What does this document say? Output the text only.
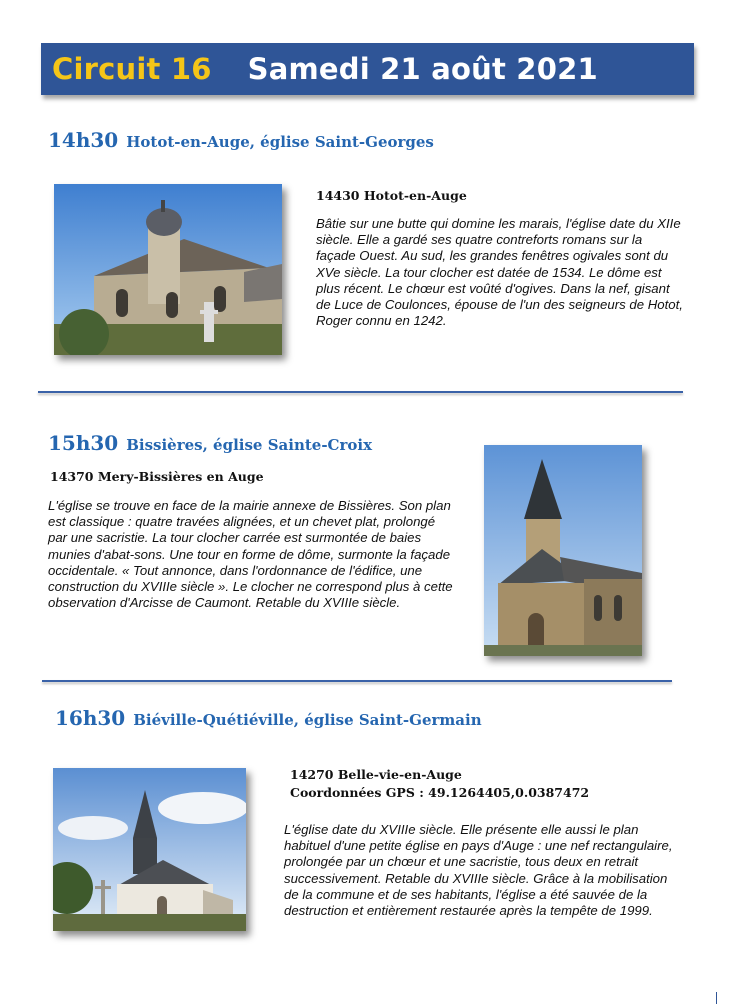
Circuit 16 Samedi 21 août 2021
14h30 Hotot-en-Auge, église Saint-Georges
14430 Hotot-en-Auge
Bâtie sur une butte qui domine les marais, l'église date du XIIe siècle. Elle a gardé ses quatre contreforts romans sur la façade Ouest. Au sud, les grandes fenêtres ogivales sont du XVe siècle. La tour clocher est datée de 1534. Le dôme est plus récent. Le chœur est voûté d'ogives. Dans la nef, gisant de Luce de Coulonces, épouse de l'un des seigneurs de Hotot, Roger connu en 1242.
15h30 Bissières, église Sainte-Croix
14370 Mery-Bissières en Auge
L'église se trouve en face de la mairie annexe de Bissières. Son plan est classique : quatre travées alignées, et un chevet plat, prolongé par une sacristie. La tour clocher carrée est surmontée de baies munies d'abat-sons. Une tour en forme de dôme, surmonte la façade occidentale. « Tout annonce, dans l'ordonnance de l'édifice, une construction du XVIIIe siècle ». Le clocher ne correspond plus à cette observation d'Arcisse de Caumont. Retable du XVIIIe siècle.
16h30 Biéville-Quétiéville, église Saint-Germain
14270 Belle-vie-en-Auge
Coordonnées GPS : 49.1264405,0.0387472
L'église date du XVIIIe siècle. Elle présente elle aussi le plan habituel d'une petite église en pays d'Auge : une nef rectangulaire, prolongée par un chœur et une sacristie, tous deux en retrait successivement. Retable du XVIIIe siècle. Grâce à la mobilisation de la commune et de ses habitants, l'église a été sauvée de la destruction et entièrement restaurée après la tempête de 1999.
